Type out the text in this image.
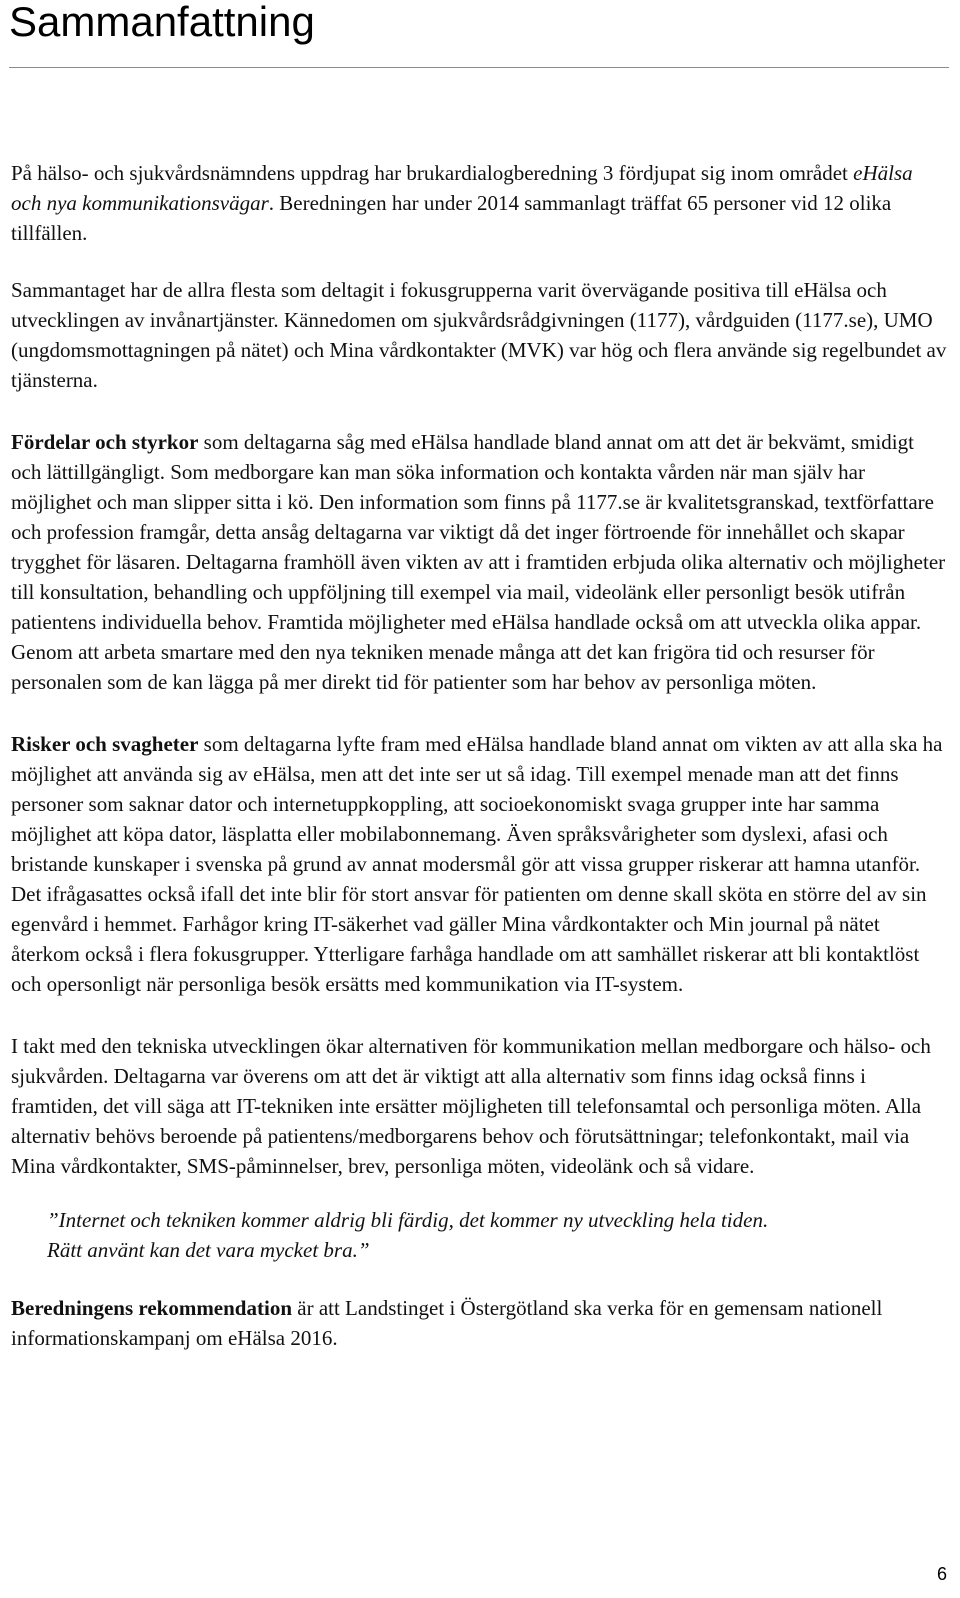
Sammanfattning

På hälso- och sjukvårdsnämndens uppdrag har brukardialogberedning 3 fördjupat sig inom området eHälsa och nya kommunikationsvägar. Beredningen har under 2014 sammanlagt träffat 65 personer vid 12 olika tillfällen.

Sammantaget har de allra flesta som deltagit i fokusgrupperna varit övervägande positiva till eHälsa och utvecklingen av invånartjänster. Kännedomen om sjukvårdsrådgivningen (1177), vårdguiden (1177.se), UMO (ungdomsmottagningen på nätet) och Mina vårdkontakter (MVK) var hög och flera använde sig regelbundet av tjänsterna.

Fördelar och styrkor som deltagarna såg med eHälsa handlade bland annat om att det är bekvämt, smidigt och lättillgängligt. Som medborgare kan man söka information och kontakta vården när man själv har möjlighet och man slipper sitta i kö. Den information som finns på 1177.se är kvalitetsgranskad, textförfattare och profession framgår, detta ansåg deltagarna var viktigt då det inger förtroende för innehållet och skapar trygghet för läsaren. Deltagarna framhöll även vikten av att i framtiden erbjuda olika alternativ och möjligheter till konsultation, behandling och uppföljning till exempel via mail, videolänk eller personligt besök utifrån patientens individuella behov. Framtida möjligheter med eHälsa handlade också om att utveckla olika appar. Genom att arbeta smartare med den nya tekniken menade många att det kan frigöra tid och resurser för personalen som de kan lägga på mer direkt tid för patienter som har behov av personliga möten.

Risker och svagheter som deltagarna lyfte fram med eHälsa handlade bland annat om vikten av att alla ska ha möjlighet att använda sig av eHälsa, men att det inte ser ut så idag. Till exempel menade man att det finns personer som saknar dator och internetuppkoppling, att socioekonomiskt svaga grupper inte har samma möjlighet att köpa dator, läsplatta eller mobilabonnemang. Även språksvårigheter som dyslexi, afasi och bristande kunskaper i svenska på grund av annat modersmål gör att vissa grupper riskerar att hamna utanför. Det ifrågasattes också ifall det inte blir för stort ansvar för patienten om denne skall sköta en större del av sin egenvård i hemmet. Farhågor kring IT-säkerhet vad gäller Mina vårdkontakter och Min journal på nätet återkom också i flera fokusgrupper. Ytterligare farhåga handlade om att samhället riskerar att bli kontaktlöst och opersonligt när personliga besök ersätts med kommunikation via IT-system.

I takt med den tekniska utvecklingen ökar alternativen för kommunikation mellan medborgare och hälso- och sjukvården. Deltagarna var överens om att det är viktigt att alla alternativ som finns idag också finns i framtiden, det vill säga att IT-tekniken inte ersätter möjligheten till telefonsamtal och personliga möten. Alla alternativ behövs beroende på patientens/medborgarens behov och förutsättningar; telefonkontakt, mail via Mina vårdkontakter, SMS-påminnelser, brev, personliga möten, videolänk och så vidare.

”Internet och tekniken kommer aldrig bli färdig, det kommer ny utveckling hela tiden.
Rätt använt kan det vara mycket bra.”

Beredningens rekommendation är att Landstinget i Östergötland ska verka för en gemensam nationell informationskampanj om eHälsa 2016.

6
